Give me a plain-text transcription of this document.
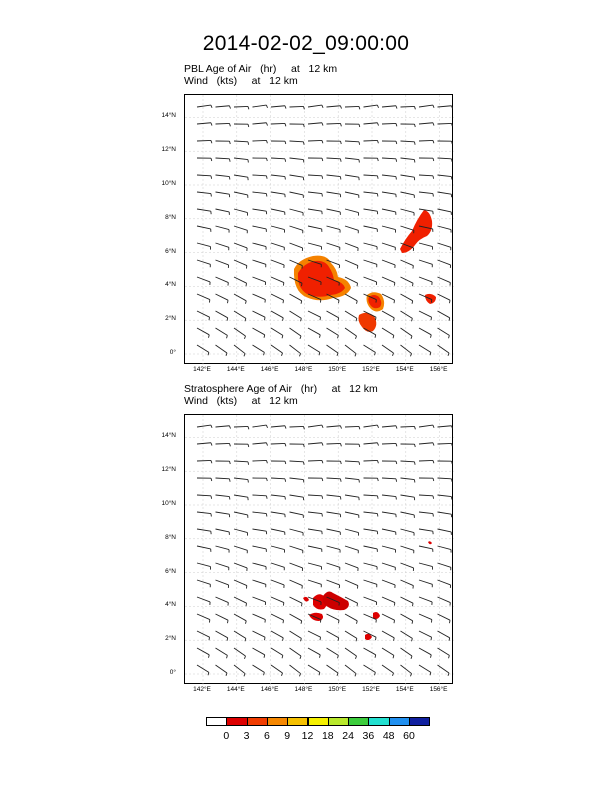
2014-02-02_09:00:00
PBL Age of Air   (hr)     at   12 km
Wind   (kts)     at   12 km
Stratosphere Age of Air   (hr)     at   12 km
Wind   (kts)     at   12 km
14°N
12°N
10°N
8°N
6°N
4°N
2°N
0°
142°E	144°E	146°E	148°E	150°E	152°E	154°E	156°E
14°N
12°N
10°N
8°N
6°N
4°N
2°N
0°
142°E	144°E	146°E	148°E	150°E	152°E	154°E	156°E
0	3	6	9	12 18 24 36 48 60
